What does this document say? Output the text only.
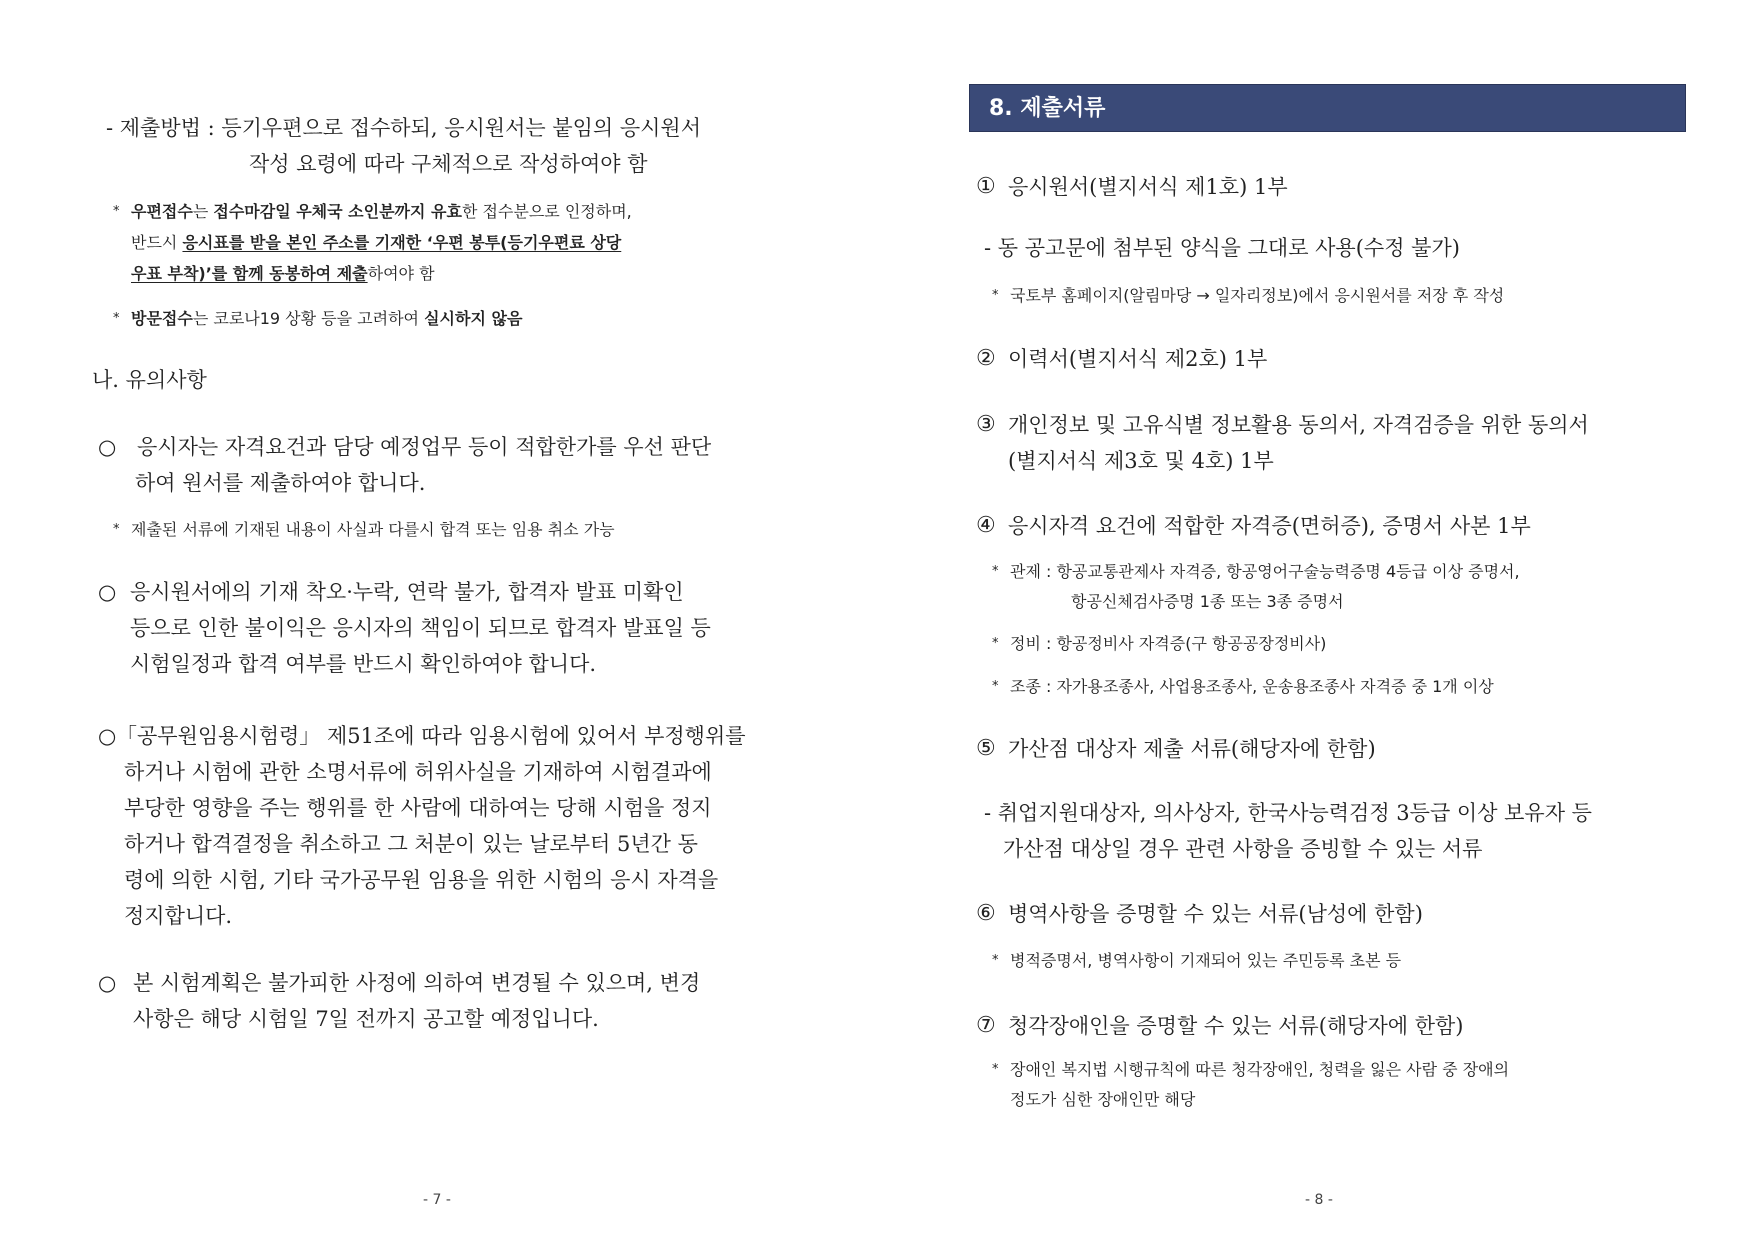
- 제출방법 : 등기우편으로 접수하되, 응시원서는 붙임의 응시원서
작성 요령에 따라 구체적으로 작성하여야 함
* 우편접수는 접수마감일 우체국 소인분까지 유효한 접수분으로 인정하며,
반드시 응시표를 받을 본인 주소를 기재한 ‘우편 봉투(등기우편료 상당
우표 부착)’를 함께 동봉하여 제출하여야 함
* 방문접수는 코로나19 상황 등을 고려하여 실시하지 않음
나. 유의사항
○ 응시자는 자격요건과 담당 예정업무 등이 적합한가를 우선 판단
하여 원서를 제출하여야 합니다.
* 제출된 서류에 기재된 내용이 사실과 다를시 합격 또는 임용 취소 가능
○ 응시원서에의 기재 착오·누락, 연락 불가, 합격자 발표 미확인
등으로 인한 불이익은 응시자의 책임이 되므로 합격자 발표일 등
시험일정과 합격 여부를 반드시 확인하여야 합니다.
○ 「공무원임용시험령」 제51조에 따라 임용시험에 있어서 부정행위를
하거나 시험에 관한 소명서류에 허위사실을 기재하여 시험결과에
부당한 영향을 주는 행위를 한 사람에 대하여는 당해 시험을 정지
하거나 합격결정을 취소하고 그 처분이 있는 날로부터 5년간 동
령에 의한 시험, 기타 국가공무원 임용을 위한 시험의 응시 자격을
정지합니다.
○ 본 시험계획은 불가피한 사정에 의하여 변경될 수 있으며, 변경
사항은 해당 시험일 7일 전까지 공고할 예정입니다.
- 7 -
8. 제출서류
① 응시원서(별지서식 제1호) 1부
- 동 공고문에 첨부된 양식을 그대로 사용(수정 불가)
* 국토부 홈페이지(알림마당 → 일자리정보)에서 응시원서를 저장 후 작성
② 이력서(별지서식 제2호) 1부
③ 개인정보 및 고유식별 정보활용 동의서, 자격검증을 위한 동의서
(별지서식 제3호 및 4호) 1부
④ 응시자격 요건에 적합한 자격증(면허증), 증명서 사본 1부
* 관제 : 항공교통관제사 자격증, 항공영어구술능력증명 4등급 이상 증명서,
항공신체검사증명 1종 또는 3종 증명서
* 정비 : 항공정비사 자격증(구 항공공장정비사)
* 조종 : 자가용조종사, 사업용조종사, 운송용조종사 자격증 중 1개 이상
⑤ 가산점 대상자 제출 서류(해당자에 한함)
- 취업지원대상자, 의사상자, 한국사능력검정 3등급 이상 보유자 등
가산점 대상일 경우 관련 사항을 증빙할 수 있는 서류
⑥ 병역사항을 증명할 수 있는 서류(남성에 한함)
* 병적증명서, 병역사항이 기재되어 있는 주민등록 초본 등
⑦ 청각장애인을 증명할 수 있는 서류(해당자에 한함)
* 장애인 복지법 시행규칙에 따른 청각장애인, 청력을 잃은 사람 중 장애의
정도가 심한 장애인만 해당
- 8 -
